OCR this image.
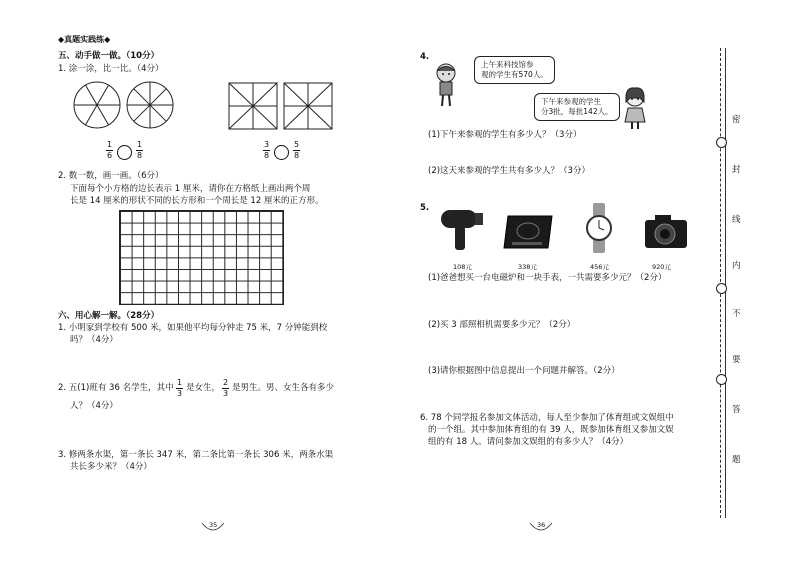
◆真题实践练◆
五、动手做一做。（10分）
1. 涂一涂，比一比。（4分）
1
6
1
8
3
8
5
8
2. 数一数，画一画。（6分）
下面每个小方格的边长表示 1 厘米，请你在方格纸上画出两个周
长是 14 厘米的形状不同的长方形和一个周长是 12 厘米的正方形。
六、用心解一解。（28分）
1. 小明家到学校有 500 米，如果他平均每分钟走 75 米，7 分钟能到校
吗？（4分）
2. 五(1)班有 36 名学生，其中
1
3
是女生，
2
3
是男生。男、女生各有多少
人？（4分）
3. 修两条水渠，第一条长 347 米，第二条比第一条长 306 米，两条水渠
共长多少米？（4分）
35
4.
上午来科技馆参
观的学生有570人。
下午来参观的学生
分3批，每批142人。
(1)下午来参观的学生有多少人？（3分）
(2)这天来参观的学生共有多少人？（3分）
5.
108元	338元	456元	920元
(1)爸爸想买一台电磁炉和一块手表，一共需要多少元？（2分）
(2)买 3 部照相机需要多少元？（2分）
(3)请你根据图中信息提出一个问题并解答。（2分）
6. 78 个同学报名参加文体活动，每人至少参加了体育组或文娱组中
的一个组。其中参加体育组的有 39 人，既参加体育组又参加文娱
组的有 18 人。请问参加文娱组的有多少人？（4分）
36
密
封
线
内
不
要
答
题
